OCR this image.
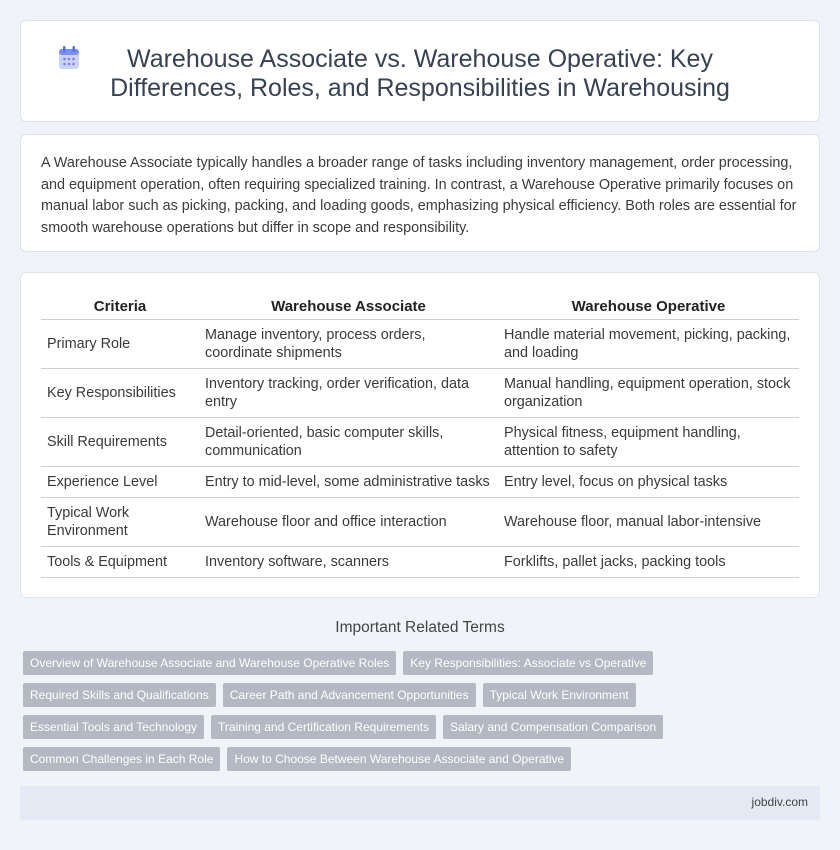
Warehouse Associate vs. Warehouse Operative: Key Differences, Roles, and Responsibilities in Warehousing

A Warehouse Associate typically handles a broader range of tasks including inventory management, order processing, and equipment operation, often requiring specialized training. In contrast, a Warehouse Operative primarily focuses on manual labor such as picking, packing, and loading goods, emphasizing physical efficiency. Both roles are essential for smooth warehouse operations but differ in scope and responsibility.

Criteria	Warehouse Associate	Warehouse Operative
Primary Role	Manage inventory, process orders, coordinate shipments	Handle material movement, picking, packing, and loading
Key Responsibilities	Inventory tracking, order verification, data entry	Manual handling, equipment operation, stock organization
Skill Requirements	Detail-oriented, basic computer skills, communication	Physical fitness, equipment handling, attention to safety
Experience Level	Entry to mid-level, some administrative tasks	Entry level, focus on physical tasks
Typical Work Environment	Warehouse floor and office interaction	Warehouse floor, manual labor-intensive
Tools & Equipment	Inventory software, scanners	Forklifts, pallet jacks, packing tools
Important Related Terms
Overview of Warehouse Associate and Warehouse Operative Roles	Key Responsibilities: Associate vs Operative
Required Skills and Qualifications	Career Path and Advancement Opportunities	Typical Work Environment
Essential Tools and Technology	Training and Certification Requirements	Salary and Compensation Comparison
Common Challenges in Each Role	How to Choose Between Warehouse Associate and Operative
jobdiv.com
